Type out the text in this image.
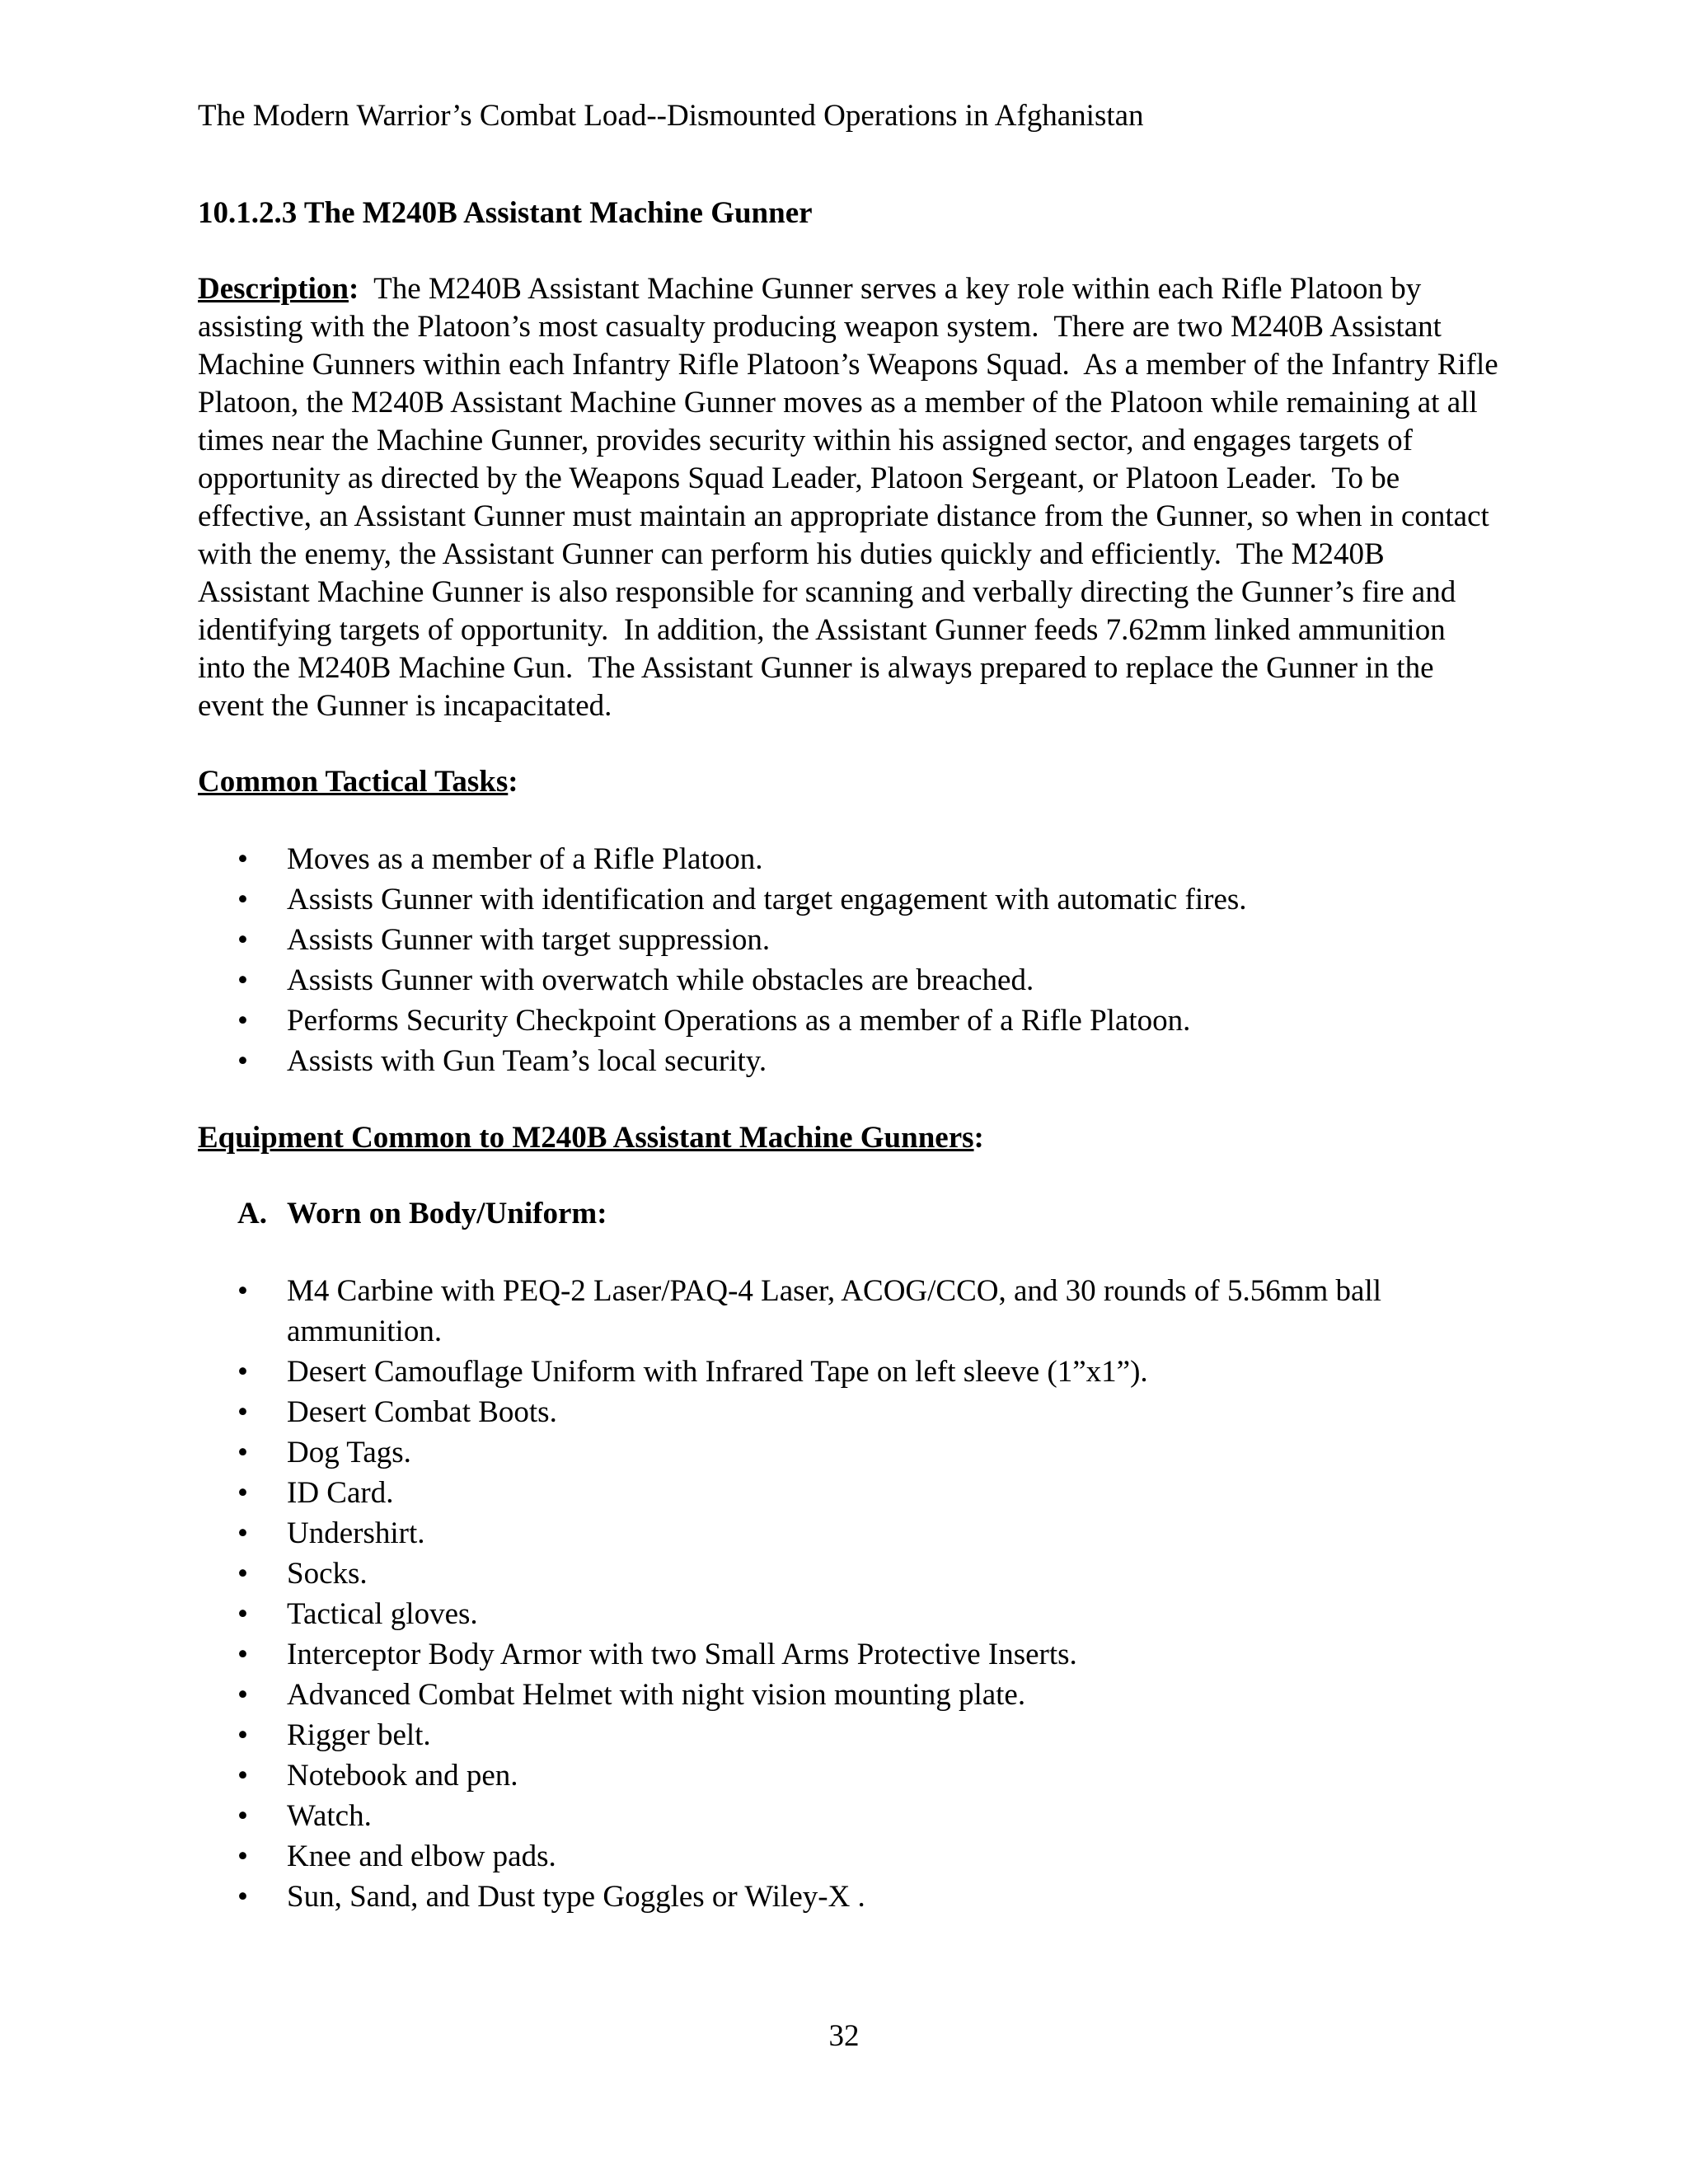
The Modern Warrior’s Combat Load--Dismounted Operations in Afghanistan

10.1.2.3 The M240B Assistant Machine Gunner

Description:  The M240B Assistant Machine Gunner serves a key role within each Rifle Platoon by assisting with the Platoon’s most casualty producing weapon system.  There are two M240B Assistant Machine Gunners within each Infantry Rifle Platoon’s Weapons Squad.  As a member of the Infantry Rifle Platoon, the M240B Assistant Machine Gunner moves as a member of the Platoon while remaining at all times near the Machine Gunner, provides security within his assigned sector, and engages targets of opportunity as directed by the Weapons Squad Leader, Platoon Sergeant, or Platoon Leader.  To be effective, an Assistant Gunner must maintain an appropriate distance from the Gunner, so when in contact with the enemy, the Assistant Gunner can perform his duties quickly and efficiently.  The M240B Assistant Machine Gunner is also responsible for scanning and verbally directing the Gunner’s fire and identifying targets of opportunity.  In addition, the Assistant Gunner feeds 7.62mm linked ammunition into the M240B Machine Gun.  The Assistant Gunner is always prepared to replace the Gunner in the event the Gunner is incapacitated.

Common Tactical Tasks:

• Moves as a member of a Rifle Platoon.
• Assists Gunner with identification and target engagement with automatic fires.
• Assists Gunner with target suppression.
• Assists Gunner with overwatch while obstacles are breached.
• Performs Security Checkpoint Operations as a member of a Rifle Platoon.
• Assists with Gun Team’s local security.

Equipment Common to M240B Assistant Machine Gunners:

A. Worn on Body/Uniform:

• M4 Carbine with PEQ-2 Laser/PAQ-4 Laser, ACOG/CCO, and 30 rounds of 5.56mm ball ammunition.
• Desert Camouflage Uniform with Infrared Tape on left sleeve (1”x1”).
• Desert Combat Boots.
• Dog Tags.
• ID Card.
• Undershirt.
• Socks.
• Tactical gloves.
• Interceptor Body Armor with two Small Arms Protective Inserts.
• Advanced Combat Helmet with night vision mounting plate.
• Rigger belt.
• Notebook and pen.
• Watch.
• Knee and elbow pads.
• Sun, Sand, and Dust type Goggles or Wiley-X .
32
